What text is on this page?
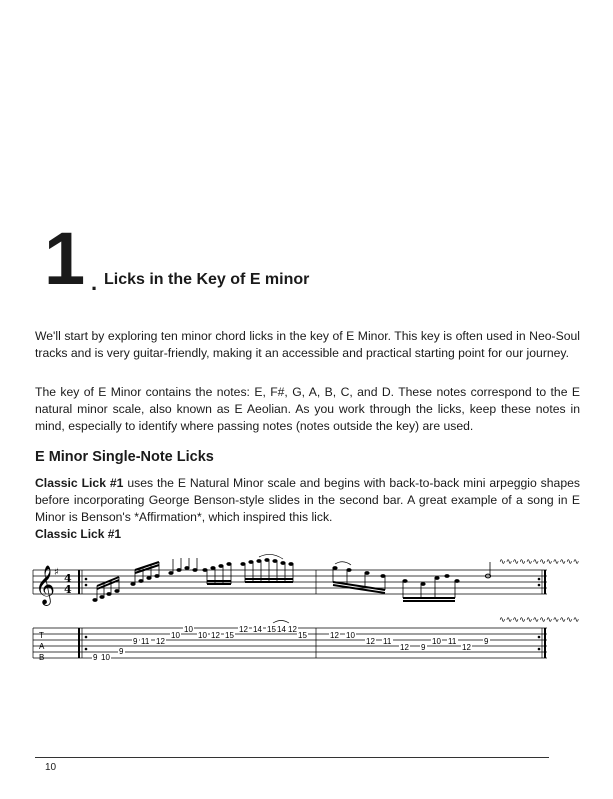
1 . Licks in the Key of E minor

We'll start by exploring ten minor chord licks in the key of E Minor. This key is often used in Neo-Soul tracks and is very guitar-friendly, making it an accessible and practical starting point for our journey.

The key of E Minor contains the notes: E, F#, G, A, B, C, and D. These notes correspond to the E natural minor scale, also known as E Aeolian. As you work through the licks, keep these notes in mind, especially to identify where passing notes (notes outside the key) are used.

E Minor Single-Note Licks

Classic Lick #1 uses the E Natural Minor scale and begins with back-to-back mini arpeggio shapes before incorporating George Benson-style slides in the second bar. A great example of a song in E Minor is Benson's *Affirmation*, which inspired this lick.

Classic Lick #1
𝄞
♯ 4
4
∿∿∿∿∿∿∿∿∿∿∿∿
T
A
B	9 10
9
9 11 12
10
10
10 12 15
12 14 15 14 12
15	12 10
12 11
12 9
10 11
12
9
∿∿∿∿∿∿∿∿∿∿∿∿
10
